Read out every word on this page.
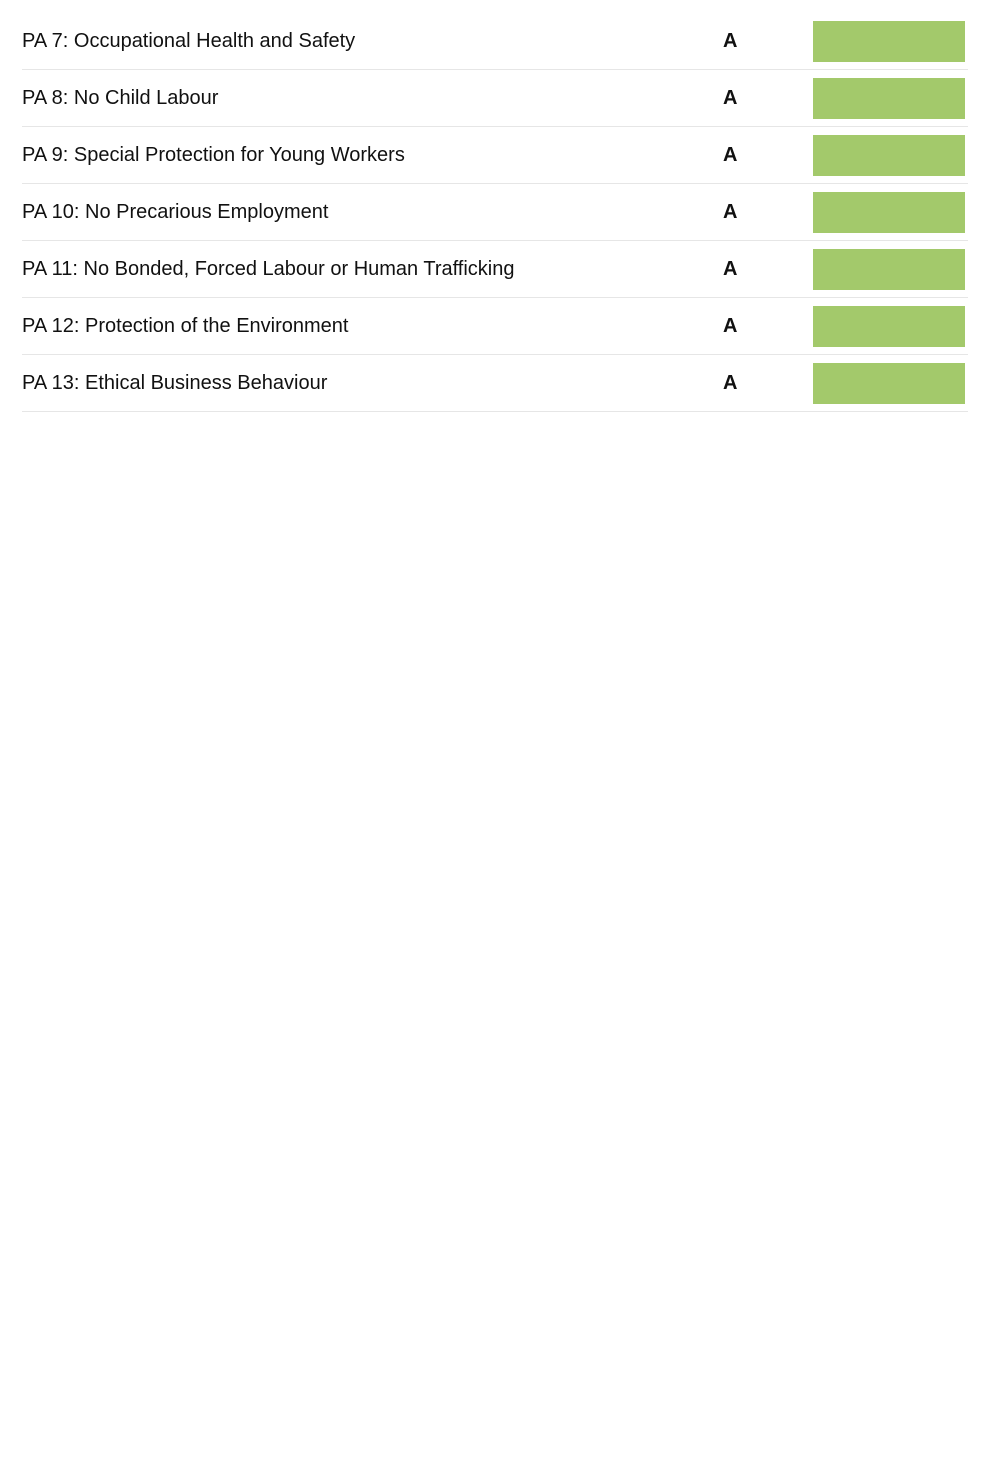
PA 7: Occupational Health and Safety	A
PA 8: No Child Labour	A
PA 9: Special Protection for Young Workers	A
PA 10: No Precarious Employment	A
PA 11: No Bonded, Forced Labour or Human Trafficking	A
PA 12: Protection of the Environment	A
PA 13: Ethical Business Behaviour	A
